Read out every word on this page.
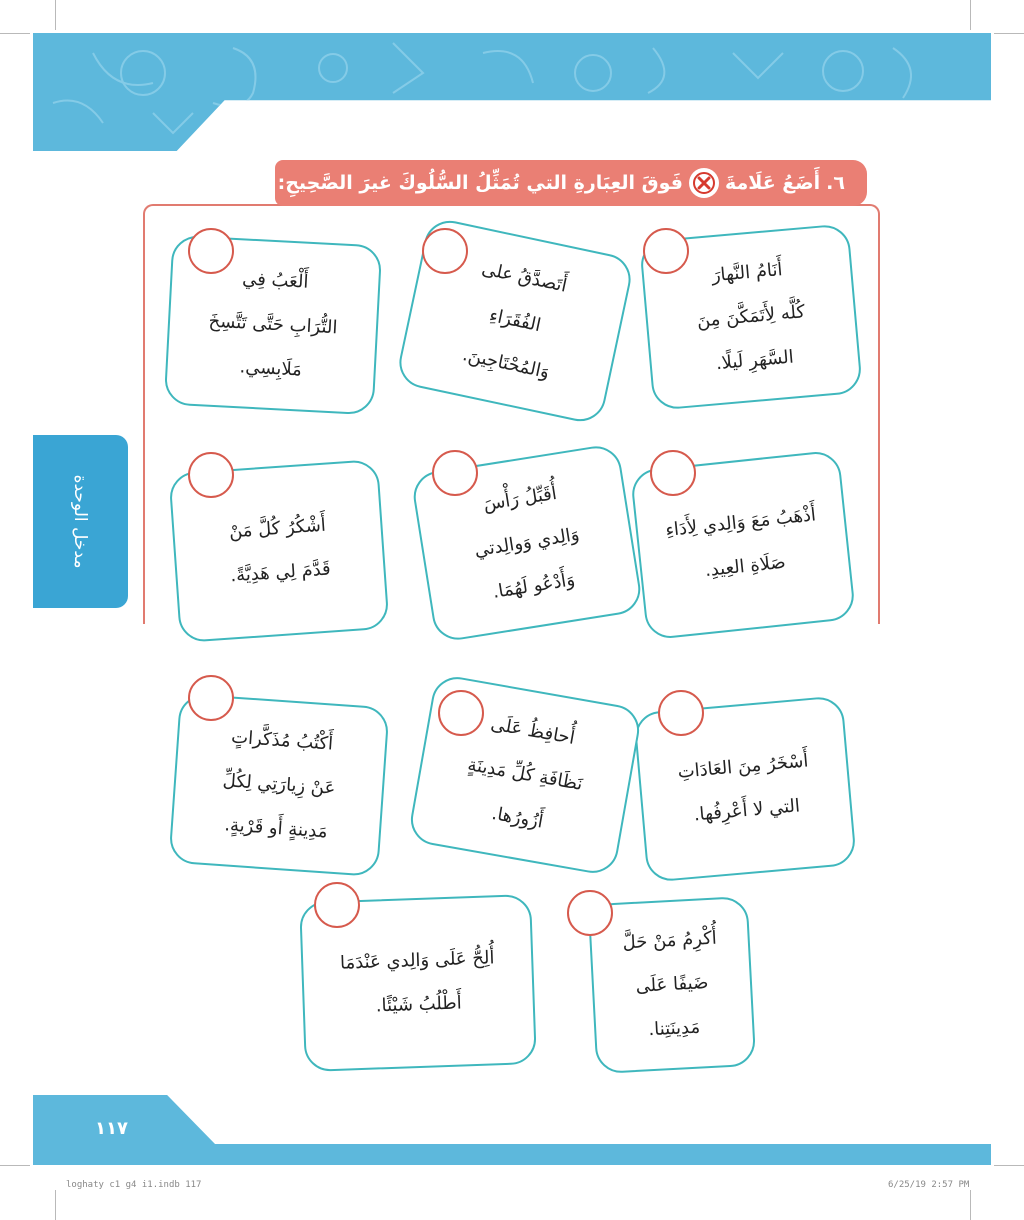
مدخل الوحدة
٦.
أَضَعُ عَلَامةَ
فَوقَ العِبَارةِ التي تُمَثِّلُ السُّلُوكَ غيرَ الصَّحِيحِ:
أَنَامُ النَّهارَ
كُلَّه لِأَتَمَكَّنَ مِنَ
السَّهَرِ لَيلًا.
أَتَصدَّقُ على
الفُقَرَاءِ
وَالمُحْتَاجِينَ.
أَلْعَبُ فِي
التُّرَابِ حَتَّى تَتَّسِخَ
مَلَابِسِي.
أَذْهَبُ مَعَ وَالِدي لِأَدَاءِ
صَلَاةِ العِيدِ.
أُقَبِّلُ رَأْسَ
وَالِدي وَوالِدتي
وَأَدْعُو لَهُمَا.
أَشْكُرُ كُلَّ مَنْ
قَدَّمَ لِي هَدِيَّةً.
أَسْخَرُ مِنَ العَادَاتِ
التي لا أَعْرِفُها.
أُحافِظُ عَلَى
نَظَافَةِ كُلِّ مَدِينَةٍ
أَزُورُها.
أَكْتُبُ مُذَكَّراتٍ
عَنْ زِيارَتِي لِكُلِّ
مَدِينةٍ أَو قَرْيةٍ.
أُكْرِمُ مَنْ حَلَّ
ضَيفًا عَلَى
مَدِينَتِنا.
أُلِحُّ عَلَى وَالِدي عَنْدَمَا
أَطْلُبُ شَيْئًا.
١١٧
loghaty c1 g4 i1.indb 117	6/25/19 2:57 PM
